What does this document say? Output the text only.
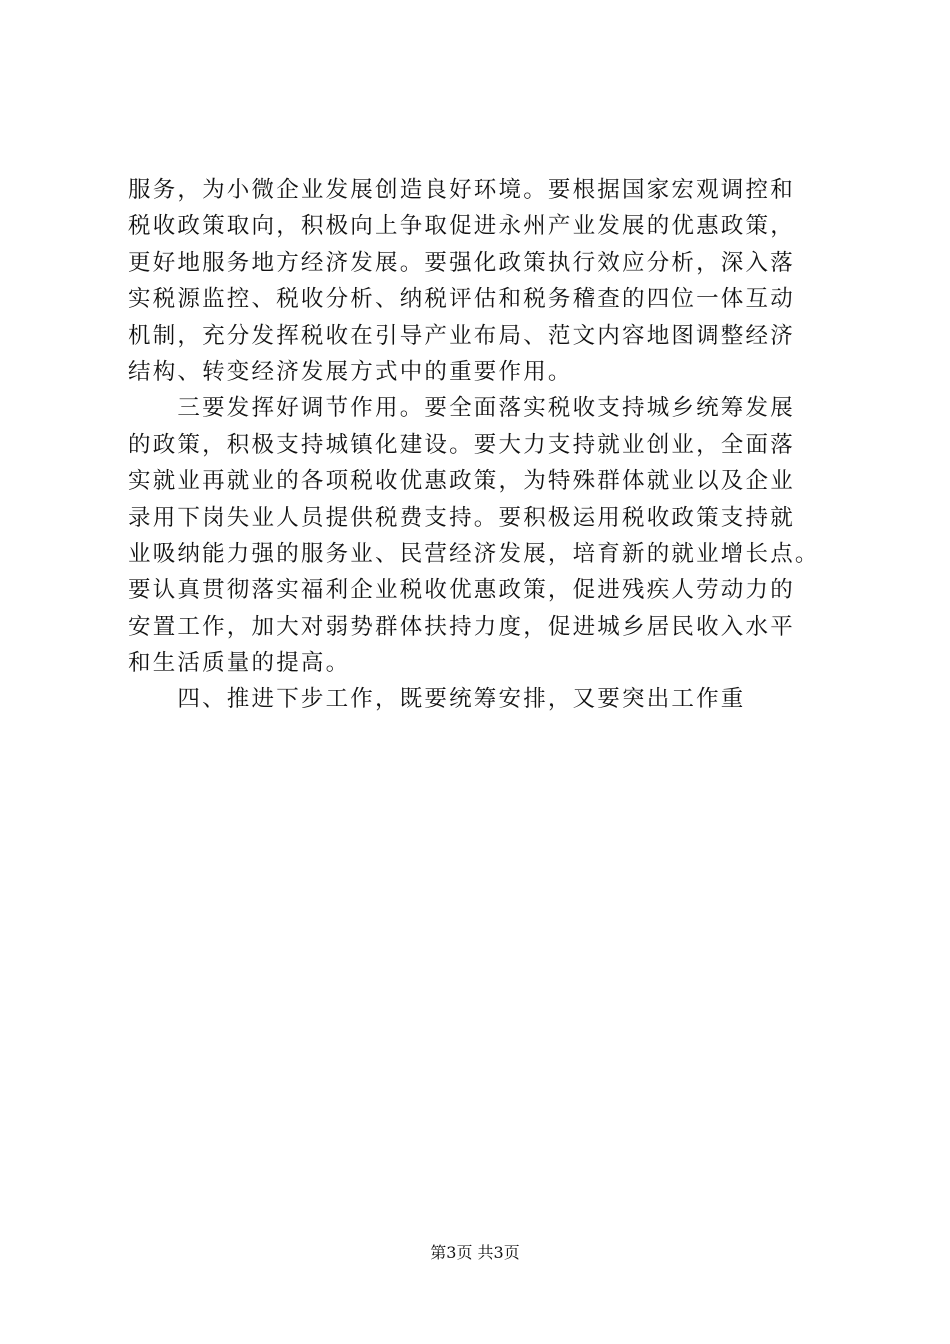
服务，为小微企业发展创造良好环境。要根据国家宏观调控和
税收政策取向，积极向上争取促进永州产业发展的优惠政策，
更好地服务地方经济发展。要强化政策执行效应分析，深入落
实税源监控、税收分析、纳税评估和税务稽查的四位一体互动
机制，充分发挥税收在引导产业布局、范文内容地图调整经济
结构、转变经济发展方式中的重要作用。
　　三要发挥好调节作用。要全面落实税收支持城乡统筹发展
的政策，积极支持城镇化建设。要大力支持就业创业，全面落
实就业再就业的各项税收优惠政策，为特殊群体就业以及企业
录用下岗失业人员提供税费支持。要积极运用税收政策支持就
业吸纳能力强的服务业、民营经济发展，培育新的就业增长点。
要认真贯彻落实福利企业税收优惠政策，促进残疾人劳动力的
安置工作，加大对弱势群体扶持力度，促进城乡居民收入水平
和生活质量的提高。
　　四、推进下步工作，既要统筹安排，又要突出工作重
第3页 共3页
